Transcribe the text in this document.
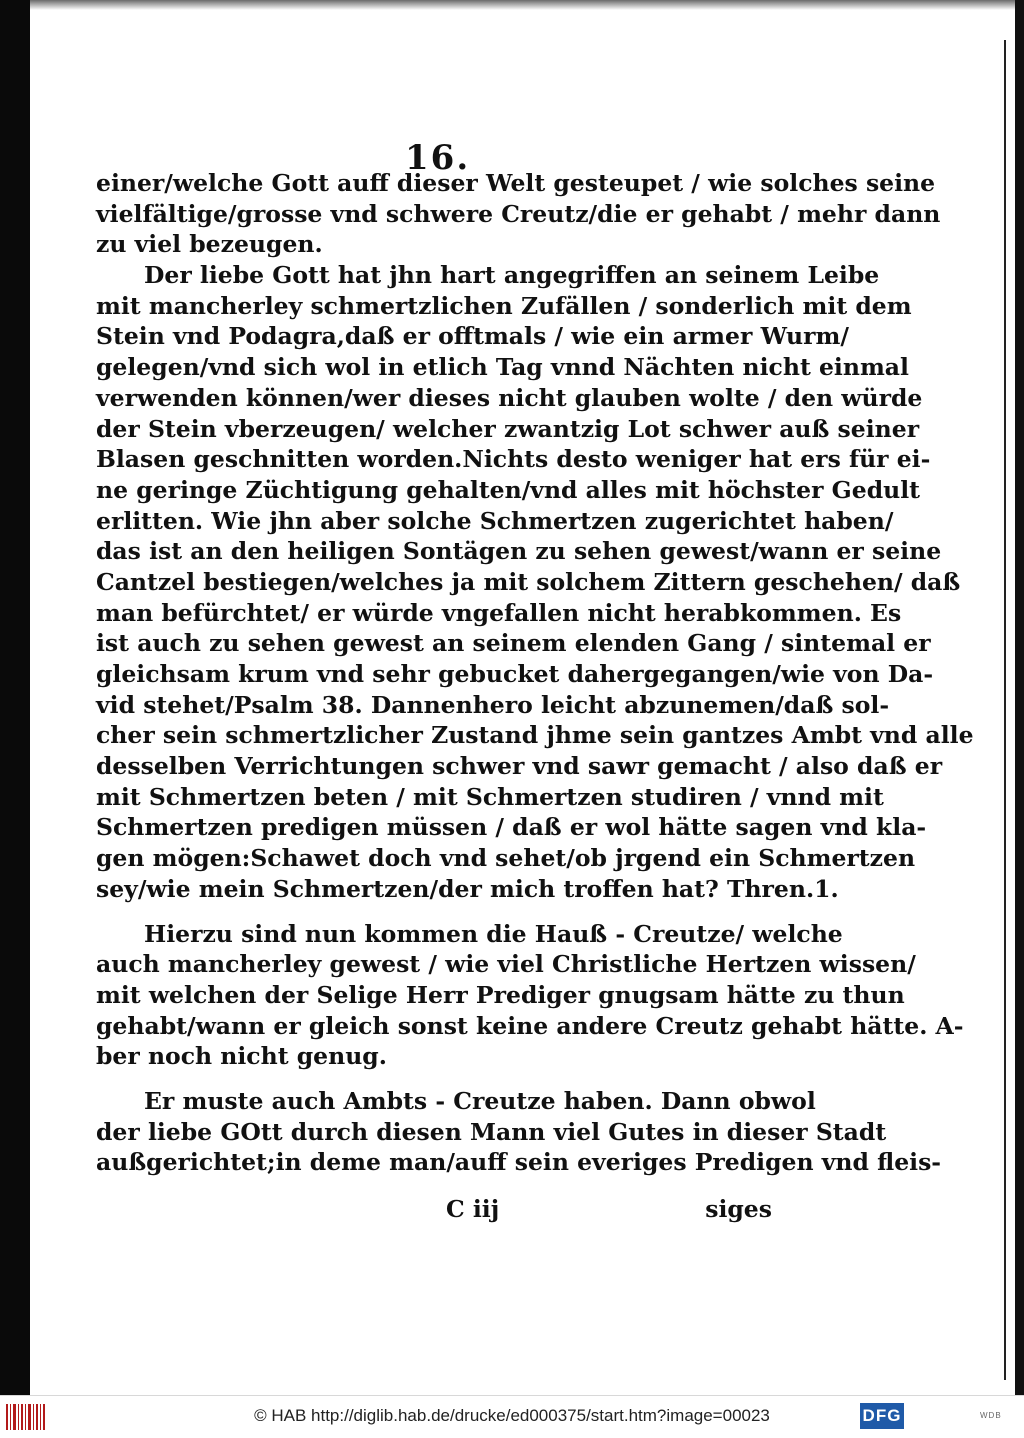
16.
einer/welche Gott auff dieser Welt gesteupet / wie solches seine
vielfältige/grosse vnd schwere Creutz/die er gehabt / mehr dann
zu viel bezeugen.
Der liebe Gott hat jhn hart angegriffen an seinem Leibe
mit mancherley schmertzlichen Zufällen / sonderlich mit dem
Stein vnd Podagra,daß er offtmals / wie ein armer Wurm/
gelegen/vnd sich wol in etlich Tag vnnd Nächten nicht einmal
verwenden können/wer dieses nicht glauben wolte / den würde
der Stein vberzeugen/ welcher zwantzig Lot schwer auß seiner
Blasen geschnitten worden.Nichts desto weniger hat ers für ei-
ne geringe Züchtigung gehalten/vnd alles mit höchster Gedult
erlitten. Wie jhn aber solche Schmertzen zugerichtet haben/
das ist an den heiligen Sontägen zu sehen gewest/wann er seine
Cantzel bestiegen/welches ja mit solchem Zittern geschehen/ daß
man befürchtet/ er würde vngefallen nicht herabkommen. Es
ist auch zu sehen gewest an seinem elenden Gang / sintemal er
gleichsam krum vnd sehr gebucket dahergegangen/wie von Da-
vid stehet/Psalm 38. Dannenhero leicht abzunemen/daß sol-
cher sein schmertzlicher Zustand jhme sein gantzes Ambt vnd alle
desselben Verrichtungen schwer vnd sawr gemacht / also daß er
mit Schmertzen beten / mit Schmertzen studiren / vnnd mit
Schmertzen predigen müssen / daß er wol hätte sagen vnd kla-
gen mögen:Schawet doch vnd sehet/ob jrgend ein Schmertzen
sey/wie mein Schmertzen/der mich troffen hat? Thren.1.
Hierzu sind nun kommen die Hauß - Creutze/ welche
auch mancherley gewest / wie viel Christliche Hertzen wissen/
mit welchen der Selige Herr Prediger gnugsam hätte zu thun
gehabt/wann er gleich sonst keine andere Creutz gehabt hätte. A-
ber noch nicht genug.
Er muste auch Ambts - Creutze haben. Dann obwol
der liebe GOtt durch diesen Mann viel Gutes in dieser Stadt
außgerichtet;in deme man/auff sein everiges Predigen vnd fleis-
C iij	siges
© HAB http://diglib.hab.de/drucke/ed000375/start.htm?image=00023	DFG	WDB
